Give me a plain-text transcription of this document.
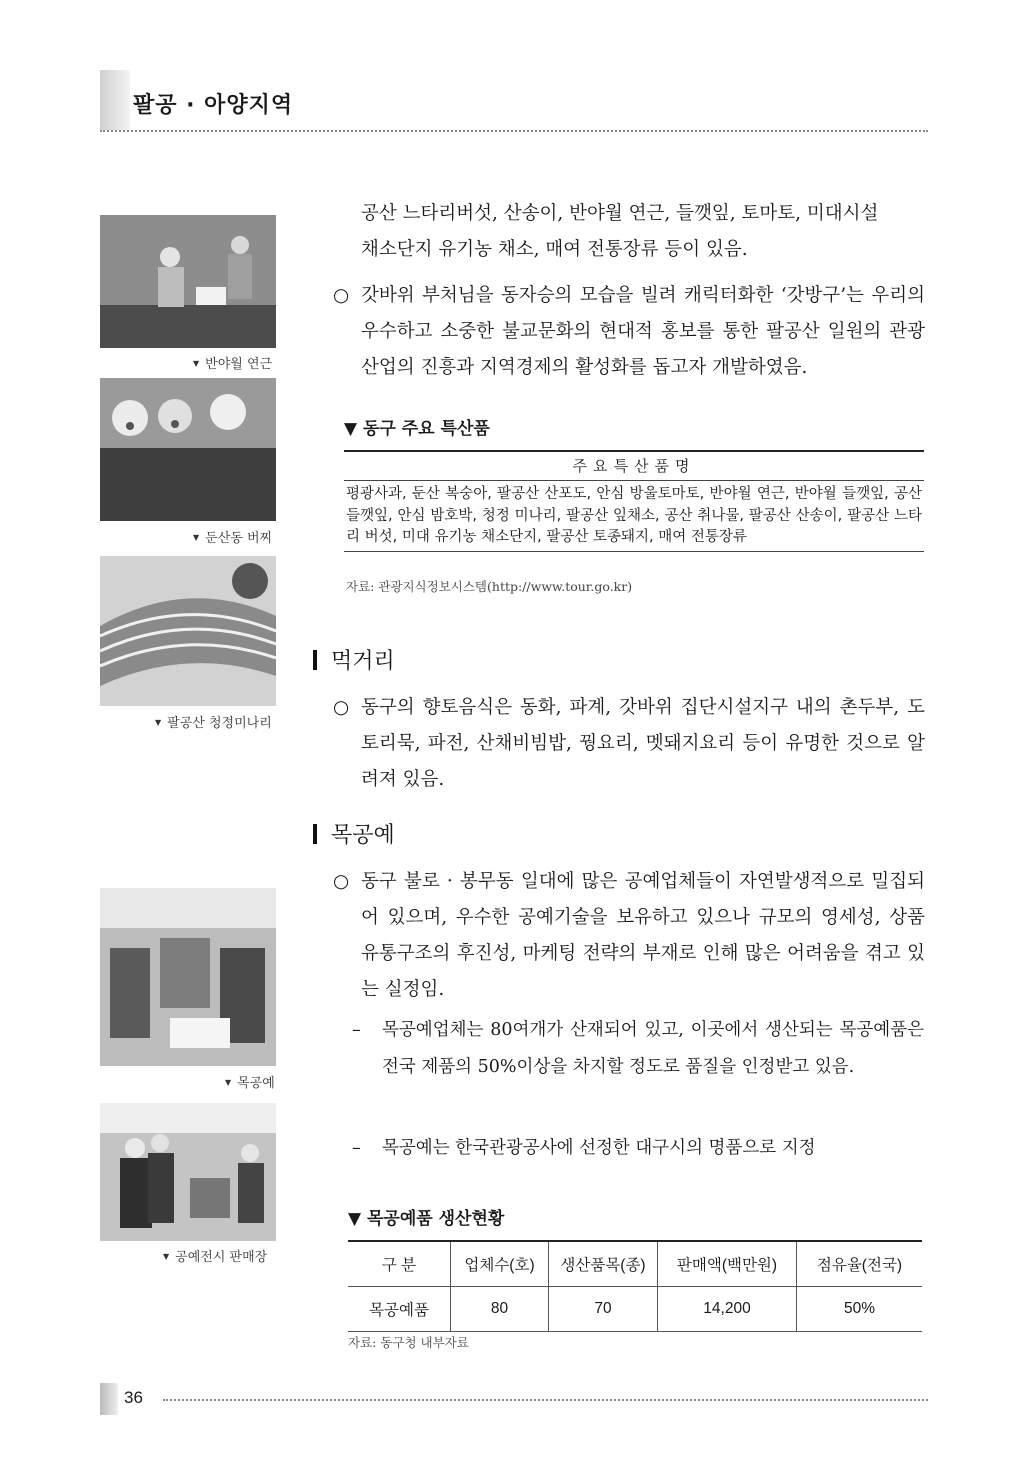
팔공 · 아양지역
▼ 반야월 연근
▼ 둔산동 버찌
▼ 팔공산 청정미나리
▼ 목공예
▼ 공예전시 판매장
공산 느타리버섯, 산송이, 반야월 연근, 들깻잎, 토마토, 미대시설
채소단지 유기농 채소, 매여 전통장류 등이 있음.
○ 갓바위 부처님을 동자승의 모습을 빌려 캐릭터화한 ‘갓방구’는 우리의 우수하고 소중한 불교문화의 현대적 홍보를 통한 팔공산 일원의 관광산업의 진흥과 지역경제의 활성화를 돕고자 개발하였음.
▼ 동구 주요 특산품
주요특산품명
평광사과, 둔산 복숭아, 팔공산 산포도, 안심 방울토마토, 반야월 연근, 반야월 들깻잎, 공산 들깻잎, 안심 밤호박, 청정 미나리, 팔공산 잎채소, 공산 취나물, 팔공산 산송이, 팔공산 느타리 버섯, 미대 유기농 채소단지, 팔공산 토종돼지, 매여 전통장류
자료: 관광지식정보시스템(http://www.tour.go.kr)
먹거리
○ 동구의 향토음식은 동화, 파계, 갓바위 집단시설지구 내의 촌두부, 도토리묵, 파전, 산채비빔밥, 꿩요리, 멧돼지요리 등이 유명한 것으로 알려져 있음.
목공예
○ 동구 불로 · 봉무동 일대에 많은 공예업체들이 자연발생적으로 밀집되어 있으며, 우수한 공예기술을 보유하고 있으나 규모의 영세성, 상품 유통구조의 후진성, 마케팅 전략의 부재로 인해 많은 어려움을 겪고 있는 실정임.
–	목공예업체는 80여개가 산재되어 있고, 이곳에서 생산되는 목공예품은 전국 제품의 50%이상을 차지할 정도로 품질을 인정받고 있음.
–	목공예는 한국관광공사에 선정한 대구시의 명품으로 지정
▼ 목공예품 생산현황
구 분	업체수(호)	생산품목(종)	판매액(백만원)	점유율(전국)
목공예품	80	70	14,200	50%
자료: 동구청 내부자료
36
